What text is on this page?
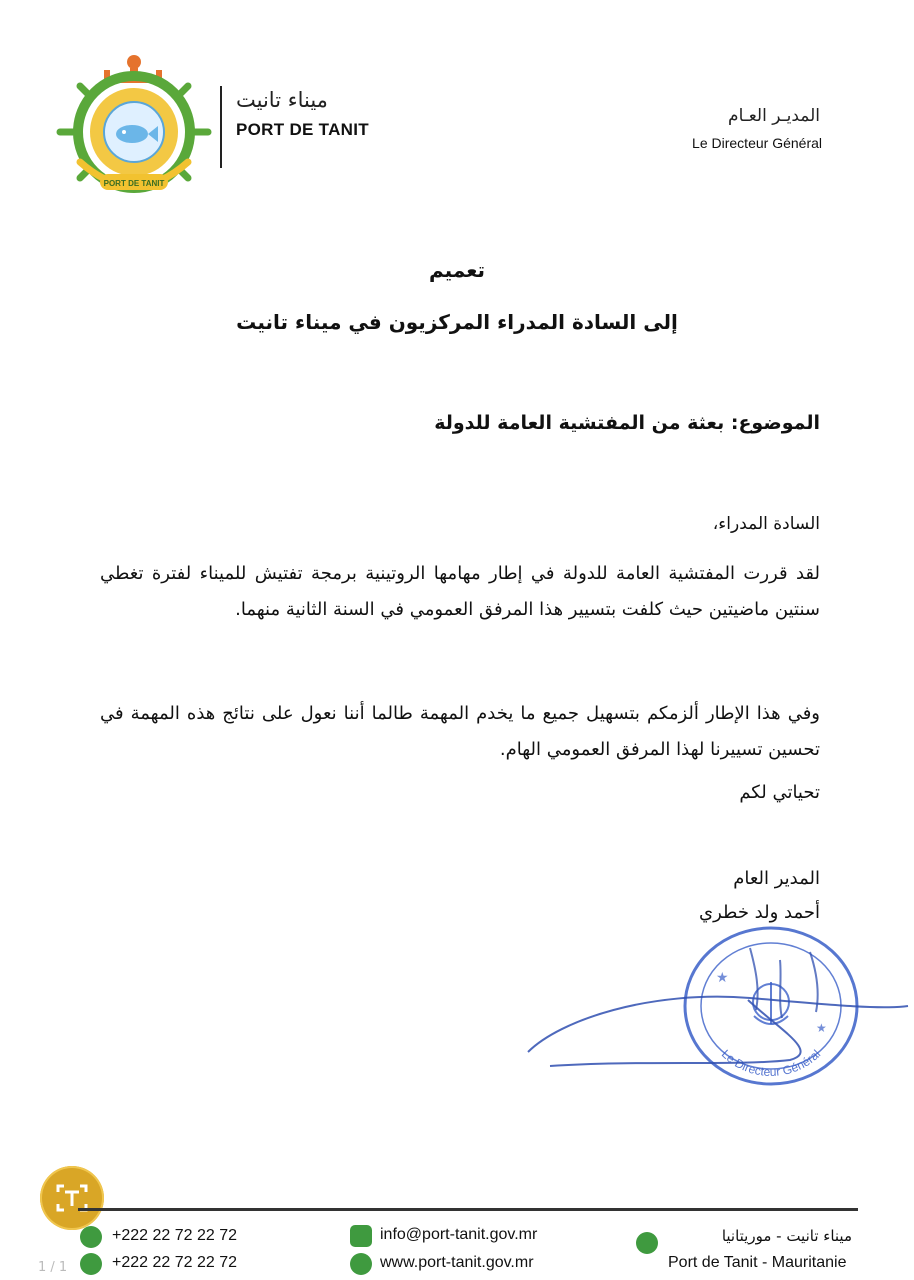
PORT DE TANIT
ميناء تانيت
PORT DE TANIT
المديـر العـام
Le Directeur Général
تعميم
إلى السادة المدراء المركزيون في ميناء تانيت
الموضوع: بعثة من المفتشية العامة للدولة
السادة المدراء،
لقد قررت المفتشية العامة للدولة في إطار مهامها الروتينية برمجة تفتيش للميناء لفترة تغطي سنتين ماضيتين حيث كلفت بتسيير هذا المرفق العمومي في السنة الثانية منهما.
وفي هذا الإطار ألزمكم بتسهيل جميع ما يخدم المهمة طالما أننا نعول على نتائج هذه المهمة في تحسين تسييرنا لهذا المرفق العمومي الهام.
تحياتي لكم
المدير العام
أحمد ولد خطري
Le Directeur Général
★
★
+222 22 72 22 72
+222 22 72 22 72
info@port-tanit.gov.mr
www.port-tanit.gov.mr
ميناء تانيت - موريتانيا
Port de Tanit - Mauritanie
1 / 1
